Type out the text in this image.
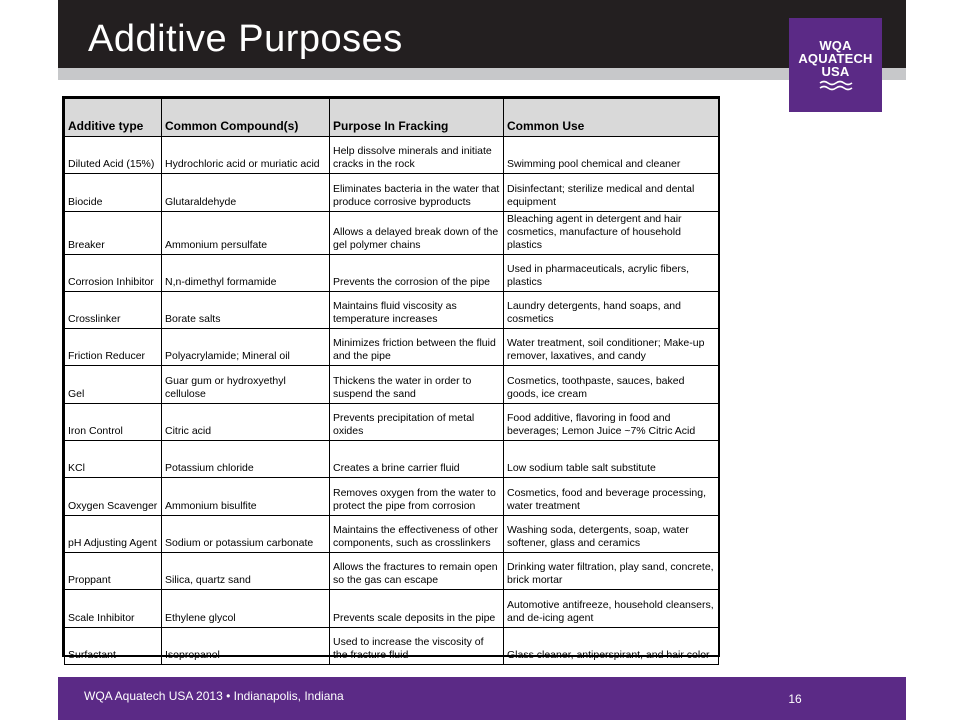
Additive Purposes	WQA
AQUATECH
USA
Additive type	Common Compound(s)	Purpose In Fracking	Common Use
Diluted Acid (15%)	Hydrochloric acid or muriatic acid	Help dissolve minerals and initiate cracks in the rock	Swimming pool chemical and cleaner
Biocide	Glutaraldehyde	Eliminates bacteria in the water that produce corrosive byproducts	Disinfectant; sterilize medical and dental equipment
Breaker	Ammonium persulfate	Allows a delayed break down of the gel polymer chains	Bleaching agent in detergent and hair cosmetics, manufacture of household plastics
Corrosion Inhibitor	N,n-dimethyl formamide	Prevents the corrosion of the pipe	Used in pharmaceuticals, acrylic fibers, plastics
Crosslinker	Borate salts	Maintains fluid viscosity as temperature increases	Laundry detergents, hand soaps, and cosmetics
Friction Reducer	Polyacrylamide; Mineral oil	Minimizes friction between the fluid and the pipe	Water treatment, soil conditioner; Make-up remover, laxatives, and candy
Gel	Guar gum or hydroxyethyl cellulose	Thickens the water in order to suspend the sand	Cosmetics, toothpaste, sauces, baked goods, ice cream
Iron Control	Citric acid	Prevents precipitation of metal oxides	Food additive, flavoring in food and beverages; Lemon Juice ~7% Citric Acid
KCl	Potassium chloride	Creates a brine carrier fluid	Low sodium table salt substitute
Oxygen Scavenger	Ammonium bisulfite	Removes oxygen from the water to protect the pipe from corrosion	Cosmetics, food and beverage processing, water treatment
pH Adjusting Agent	Sodium or potassium carbonate	Maintains the effectiveness of other components, such as crosslinkers	Washing soda, detergents, soap, water softener, glass and ceramics
Proppant	Silica, quartz sand	Allows the fractures to remain open so the gas can escape	Drinking water filtration, play sand, concrete, brick mortar
Scale Inhibitor	Ethylene glycol	Prevents scale deposits in the pipe	Automotive antifreeze, household cleansers, and de-icing agent
Surfactant	Isopropanol	Used to increase the viscosity of the fracture fluid	Glass cleaner, antiperspirant, and hair color
WQA Aquatech USA 2013 • Indianapolis, Indiana	16
